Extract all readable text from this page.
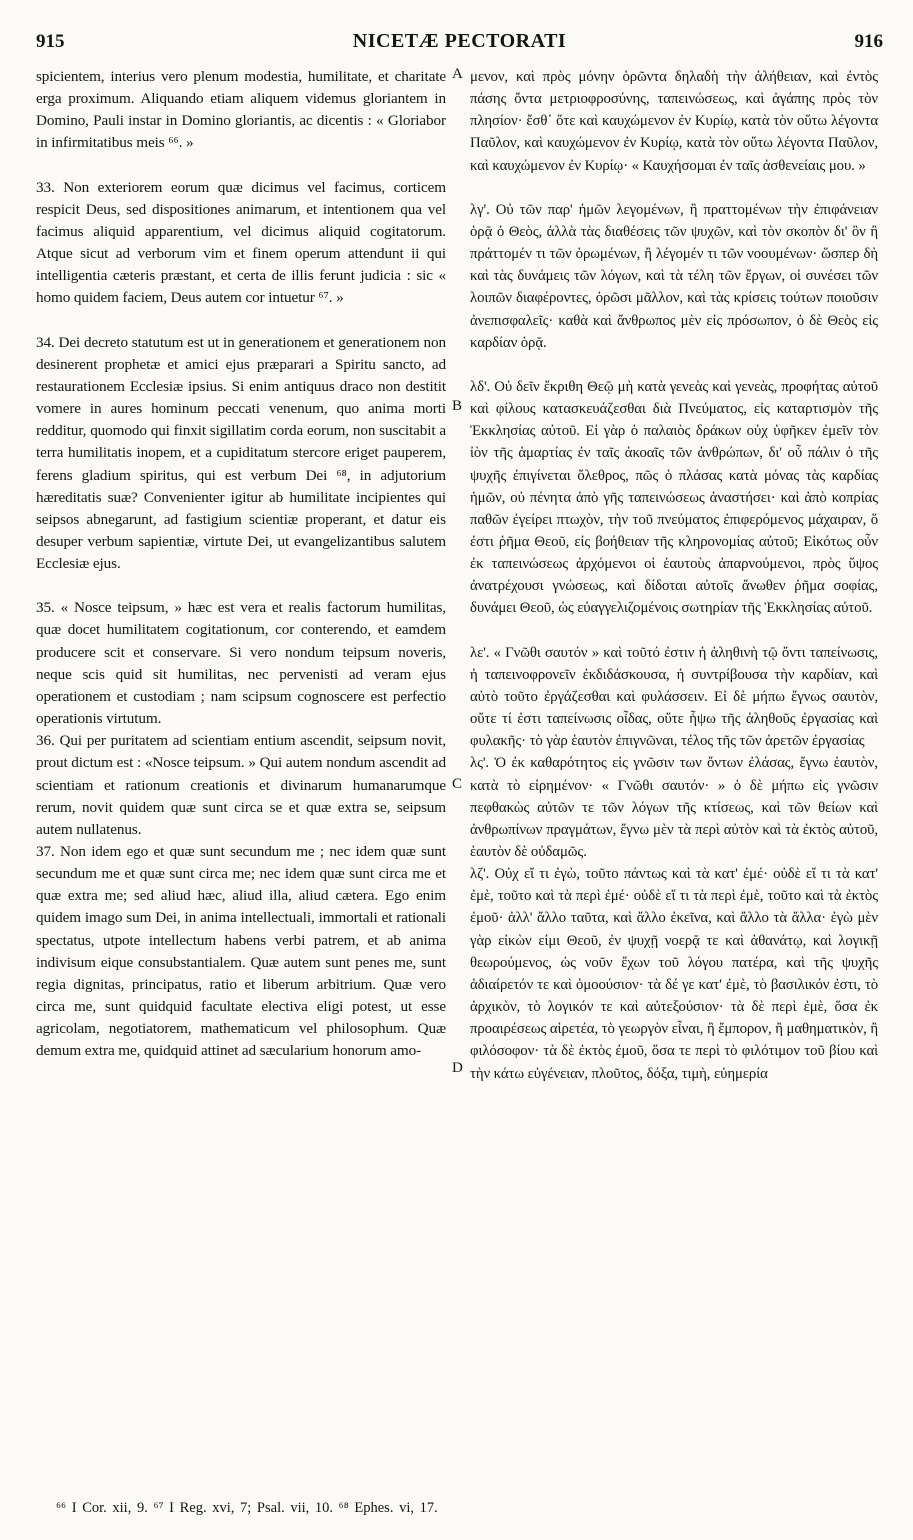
915	NICETÆ PECTORATI	916

spicientem, interius vero plenum modestia, humilitate, et charitate erga proximum. Aliquando etiam aliquem videmus gloriantem in Domino, Pauli instar in Domino gloriantis, ac dicentis : « Gloriabor in infirmitatibus meis ⁶⁶. »

33. Non exteriorem eorum quæ dicimus vel facimus, corticem respicit Deus, sed dispositiones animarum, et intentionem qua vel facimus aliquid apparentium, vel dicimus aliquid cogitatorum. Atque sicut ad verborum vim et finem operum attendunt ii qui intelligentia cæteris præstant, et certa de illis ferunt judicia : sic « homo quidem faciem, Deus autem cor intuetur ⁶⁷. »

34. Dei decreto statutum est ut in generationem et generationem non desinerent prophetæ et amici ejus præparari a Spiritu sancto, ad restaurationem Ecclesiæ ipsius. Si enim antiquus draco non destitit vomere in aures hominum peccati venenum, quo anima morti redditur, quomodo qui finxit sigillatim corda eorum, non suscitabit a terra humilitatis inopem, et a cupiditatum stercore eriget pauperem, ferens gladium spiritus, qui est verbum Dei ⁶⁸, in adjutorium hæreditatis suæ? Convenienter igitur ab humilitate incipientes qui seipsos abnegarunt, ad fastigium scientiæ properant, et datur eis desuper verbum sapientiæ, virtute Dei, ut evangelizantibus salutem Ecclesiæ ejus.

35. « Nosce teipsum, » hæc est vera et realis factorum humilitas, quæ docet humilitatem cogitationum, cor conterendo, et eamdem producere scit et conservare. Si vero nondum teipsum noveris, neque scis quid sit humilitas, nec pervenisti ad veram ejus operationem et custodiam ; nam scipsum cognoscere est perfectio operationis virtutum.

36. Qui per puritatem ad scientiam entium ascendit, seipsum novit, prout dictum est : «Nosce teipsum. » Qui autem nondum ascendit ad scientiam et rationum creationis et divinarum humanarumque rerum, novit quidem quæ sunt circa se et quæ extra se, seipsum autem nullatenus.

37. Non idem ego et quæ sunt secundum me ; nec idem quæ sunt secundum me et quæ sunt circa me; nec idem quæ sunt circa me et quæ extra me; sed aliud hæc, aliud illa, aliud cætera. Ego enim quidem imago sum Dei, in anima intellectuali, immortali et rationali spectatus, utpote intellectum habens verbi patrem, et ab anima indivisum eique consubstantialem. Quæ autem sunt penes me, sunt regia dignitas, principatus, ratio et liberum arbitrium. Quæ vero circa me, sunt quidquid facultate electiva eligi potest, ut esse agricolam, negotiatorem, mathematicum vel philosophum. Quæ demum extra me, quidquid attinet ad sæcularium honorum amo-

μενον, καὶ πρὸς μόνην ὁρῶντα δηλαδὴ τὴν ἀλήθειαν, καὶ ἐντὸς πάσης ὄντα μετριοφροσύνης, ταπεινώσεως, καὶ ἀγάπης πρὸς τὸν πλησίον· ἔσθ᾽ ὅτε καὶ καυχώμενον ἐν Κυρίῳ, κατὰ τὸν οὕτω λέγοντα Παῦλον, καὶ καυχώμενον ἐν Κυρίῳ, κατὰ τὸν οὕτω λέγοντα Παῦλον, καὶ καυχώμενον ἐν Κυρίῳ· « Καυχήσομαι ἐν ταῖς ἀσθενείαις μου. »

λγ'. Οὐ τῶν παρ' ἡμῶν λεγομένων, ἢ πραττομένων τὴν ἐπιφάνειαν ὁρᾷ ὁ Θεὸς, ἀλλὰ τὰς διαθέσεις τῶν ψυχῶν, καὶ τὸν σκοπὸν δι' ὃν ἢ πράττομέν τι τῶν ὁρωμένων, ἢ λέγομέν τι τῶν νοουμένων· ὥσπερ δὴ καὶ τὰς δυνάμεις τῶν λόγων, καὶ τὰ τέλη τῶν ἔργων, οἱ συνέσει τῶν λοιπῶν διαφέροντες, ὁρῶσι μᾶλλον, καὶ τὰς κρίσεις τούτων ποιοῦσιν ἀνεπισφαλεῖς· καθὰ καὶ ἄνθρωπος μὲν εἰς πρόσωπον, ὁ δὲ Θεὸς εἰς καρδίαν ὁρᾷ.

λδ'. Οὐ δεῖν ἔκριθη Θεῷ μὴ κατὰ γενεὰς καὶ γενεὰς, προφήτας αὐτοῦ καὶ φίλους κατασκευάζεσθαι διὰ Πνεύματος, εἰς καταρτισμὸν τῆς Ἐκκλησίας αὐτοῦ. Εἰ γὰρ ὁ παλαιὸς δράκων οὐχ ὑφῆκεν ἐμεῖν τὸν ἰὸν τῆς ἁμαρτίας ἐν ταῖς ἀκοαῖς τῶν ἀνθρώπων, δι' οὗ πάλιν ὁ τῆς ψυχῆς ἐπιγίνεται ὄλεθρος, πῶς ὁ πλάσας κατὰ μόνας τὰς καρδίας ἡμῶν, οὐ πένητα ἀπὸ γῆς ταπεινώσεως ἀναστήσει· καὶ ἀπὸ κοπρίας παθῶν ἐγείρει πτωχὸν, τὴν τοῦ πνεύματος ἐπιφερόμενος μάχαιραν, ὅ ἐστι ῥῆμα Θεοῦ, εἰς βοήθειαν τῆς κληρονομίας αὐτοῦ; Εἰκότως οὖν ἐκ ταπεινώσεως ἀρχόμενοι οἱ ἑαυτοὺς ἀπαρνούμενοι, πρὸς ὕψος ἀνατρέχουσι γνώσεως, καὶ δίδοται αὐτοῖς ἄνωθεν ῥῆμα σοφίας, δυνάμει Θεοῦ, ὡς εὐαγγελιζομένοις σωτηρίαν τῆς Ἐκκλησίας αὐτοῦ.

λε'. « Γνῶθι σαυτόν » καὶ τοῦτό ἐστιν ἡ ἀληθινὴ τῷ ὄντι ταπείνωσις, ἡ ταπεινοφρονεῖν ἐκδιδάσκουσα, ἡ συντρίβουσα τὴν καρδίαν, καὶ αὐτὸ τοῦτο ἐργάζεσθαι καὶ φυλάσσειν. Εἰ δὲ μήπω ἔγνως σαυτὸν, οὔτε τί ἐστι ταπείνωσις οἶδας, οὔτε ἧψω τῆς ἀληθοῦς ἐργασίας καὶ φυλακῆς· τὸ γὰρ ἑαυτὸν ἐπιγνῶναι, τέλος τῆς τῶν ἀρετῶν ἐργασίας

λς'. Ὁ ἐκ καθαρότητος εἰς γνῶσιν των ὄντων ἐλάσας, ἔγνω ἑαυτὸν, κατὰ τὸ εἰρημένον· « Γνῶθι σαυτόν· » ὁ δὲ μήπω εἰς γνῶσιν πεφθακὼς αὐτῶν τε τῶν λόγων τῆς κτίσεως, καὶ τῶν θείων καὶ ἀνθρωπίνων πραγμάτων, ἔγνω μὲν τὰ περὶ αὐτὸν καὶ τὰ ἐκτὸς αὐτοῦ, ἑαυτὸν δὲ οὐδαμῶς.

λζ'. Οὐχ εἴ τι ἐγὼ, τοῦτο πάντως καὶ τὰ κατ' ἐμέ· οὐδὲ εἴ τι τὰ κατ' ἐμὲ, τοῦτο καὶ τὰ περὶ ἐμέ· οὐδὲ εἴ τι τὰ περὶ ἐμὲ, τοῦτο καὶ τὰ ἐκτὸς ἐμοῦ· ἀλλ' ἄλλο ταῦτα, καὶ ἄλλο ἐκεῖνα, καὶ ἄλλο τὰ ἄλλα· ἐγὼ μὲν γὰρ εἰκὼν εἰμι Θεοῦ, ἐν ψυχῇ νοερᾷ τε καὶ ἀθανάτῳ, καὶ λογικῇ θεωρούμενος, ὡς νοῦν ἔχων τοῦ λόγου πατέρα, καὶ τῆς ψυχῆς ἀδιαίρετόν τε καὶ ὁμοούσιον· τὰ δέ γε κατ' ἐμὲ, τὸ βασιλικόν ἐστι, τὸ ἀρχικὸν, τὸ λογικόν τε καὶ αὐτεξούσιον· τὰ δὲ περὶ ἐμὲ, ὅσα ἐκ προαιρέσεως αἱρετέα, τὸ γεωργὸν εἶναι, ἢ ἔμπορον, ἢ μαθηματικὸν, ἢ φιλόσοφον· τὰ δὲ ἐκτὸς ἐμοῦ, ὅσα τε περὶ τὸ φιλότιμον τοῦ βίου καὶ τὴν κάτω εὐγένειαν, πλοῦτος, δόξα, τιμὴ, εὐημερία

A
B
C
D
⁶⁶ I Cor. xii, 9. ⁶⁷ I Reg. xvi, 7; Psal. vii, 10. ⁶⁸ Ephes. vi, 17.
